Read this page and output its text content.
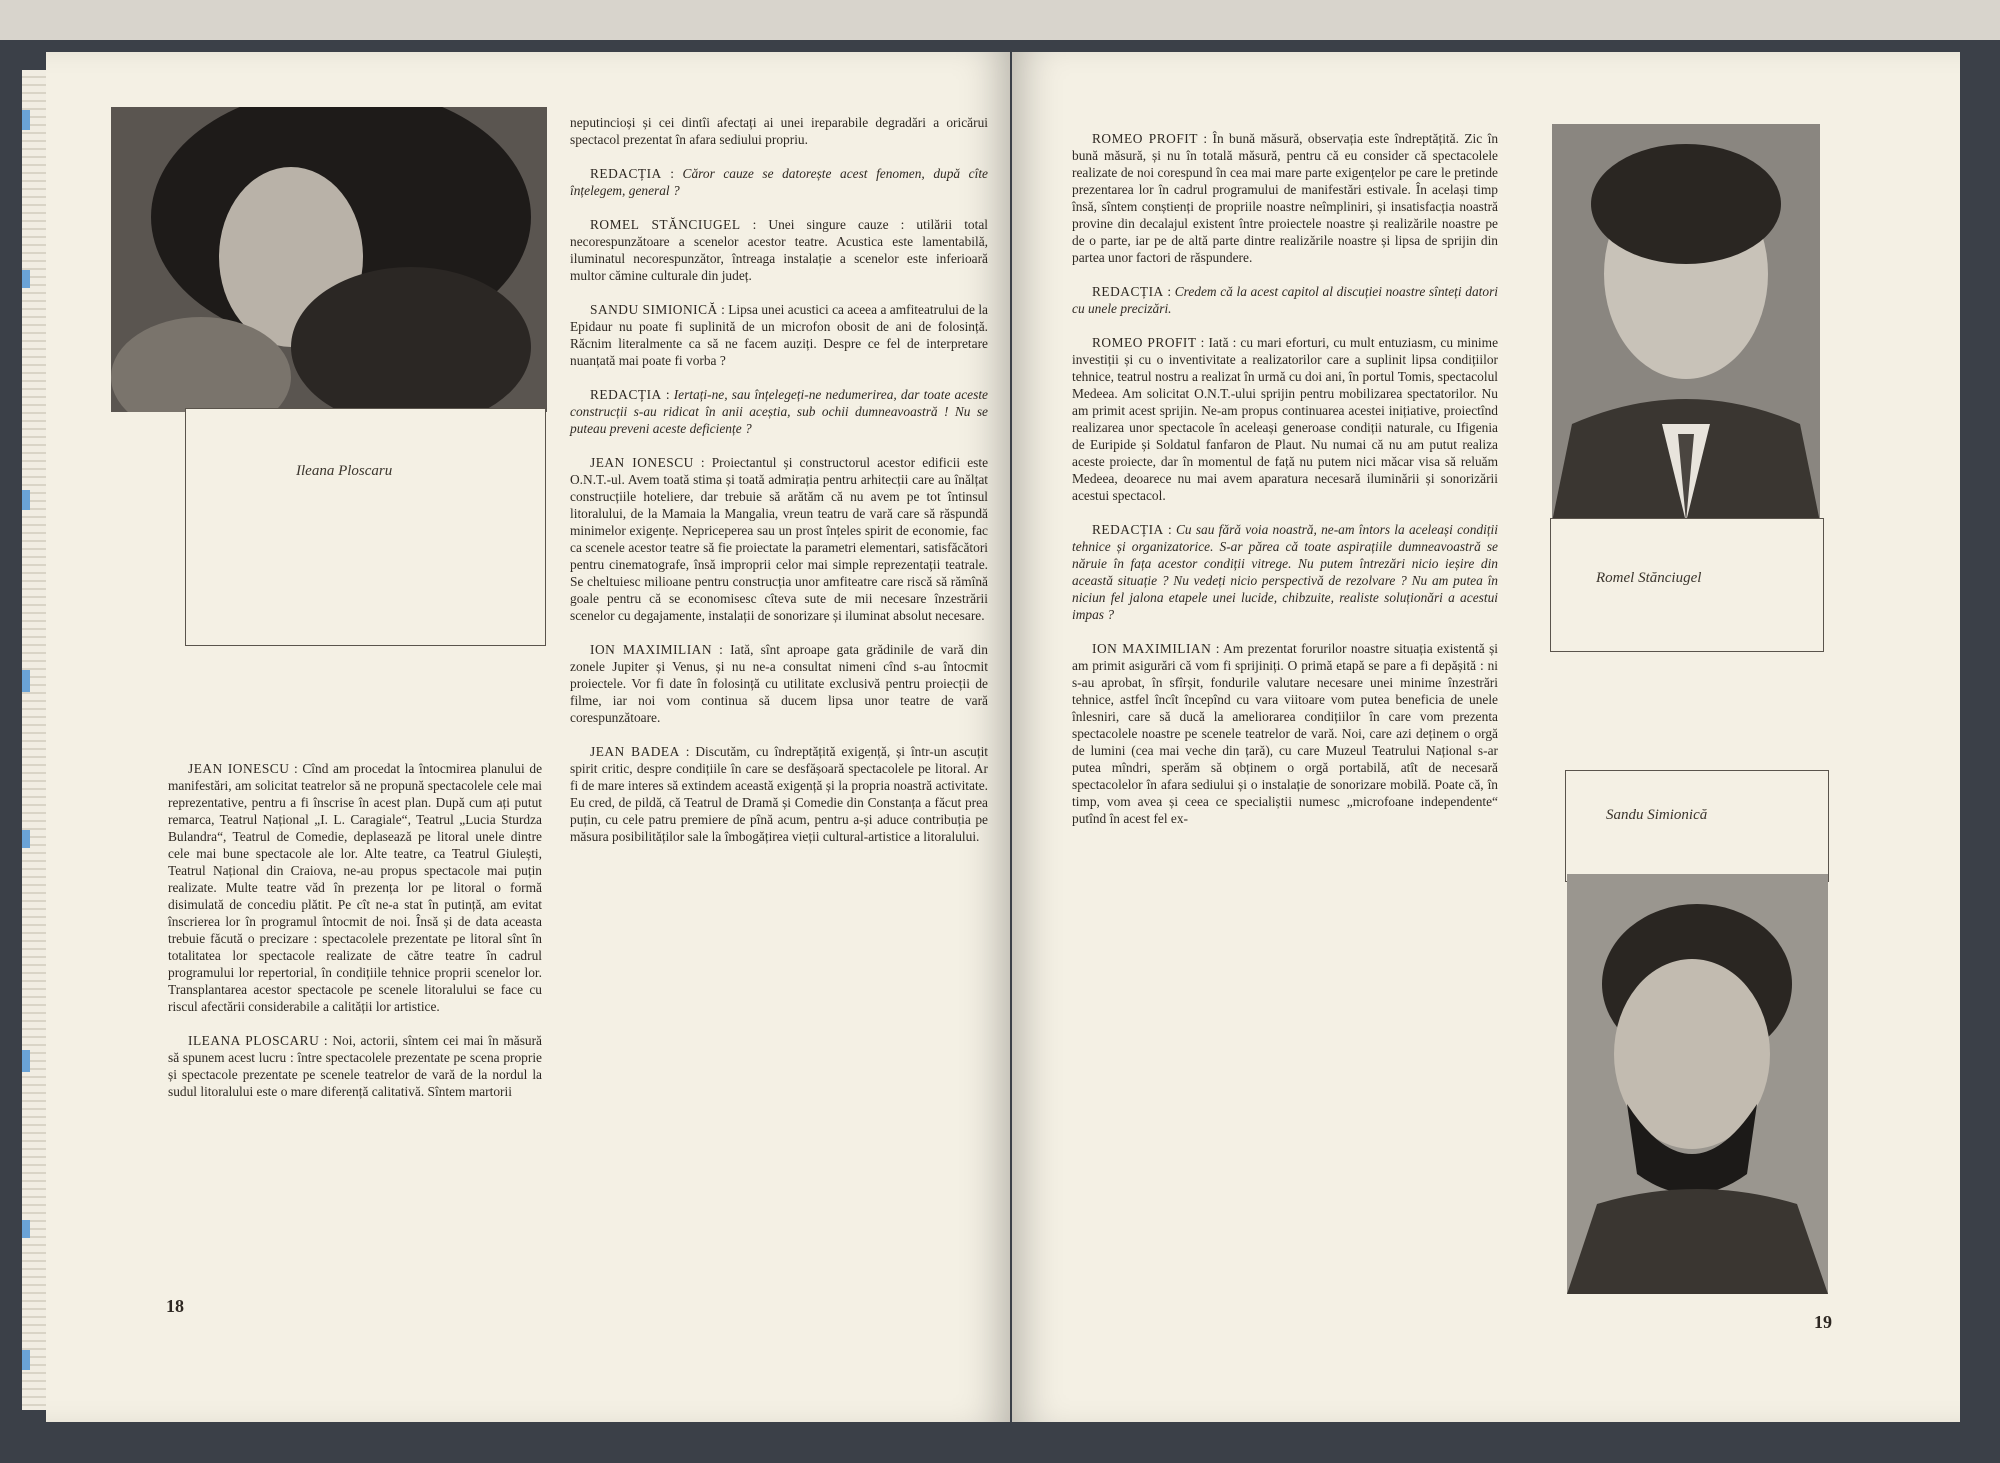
Ileana Ploscaru

JEAN IONESCU : Cînd am procedat la întocmirea planului de manifestări, am solicitat teatrelor să ne propună spectacolele cele mai reprezentative, pentru a fi înscrise în acest plan. După cum ați putut remarca, Teatrul Național „I. L. Caragiale“, Teatrul „Lucia Sturdza Bulandra“, Teatrul de Comedie, deplasează pe litoral unele dintre cele mai bune spectacole ale lor. Alte teatre, ca Teatrul Giulești, Teatrul Național din Craiova, ne-au propus spectacole mai puțin realizate. Multe teatre văd în prezența lor pe litoral o formă disimulată de concediu plătit. Pe cît ne-a stat în putință, am evitat înscrierea lor în programul întocmit de noi. Însă și de data aceasta trebuie făcută o precizare : spectacolele prezentate pe litoral sînt în totalitatea lor spectacole realizate de către teatre în cadrul programului lor repertorial, în condițiile tehnice proprii scenelor lor. Transplantarea acestor spectacole pe scenele litoralului se face cu riscul afectării considerabile a calității lor artistice.

ILEANA PLOSCARU : Noi, actorii, sîntem cei mai în măsură să spunem acest lucru : între spectacolele prezentate pe scena proprie și spectacole prezentate pe scenele teatrelor de vară de la nordul la sudul litoralului este o mare diferență calitativă. Sîntem martorii

neputincioși și cei dintîi afectați ai unei ireparabile degradări a oricărui spectacol prezentat în afara sediului propriu.

REDACȚIA : Căror cauze se datorește acest fenomen, după cîte înțelegem, general ?

ROMEL STĂNCIUGEL : Unei singure cauze : utilării total necorespunzătoare a scenelor acestor teatre. Acustica este lamentabilă, iluminatul necorespunzător, întreaga instalație a scenelor este inferioară multor cămine culturale din județ.

SANDU SIMIONICĂ : Lipsa unei acustici ca aceea a amfiteatrului de la Epidaur nu poate fi suplinită de un microfon obosit de ani de folosință. Răcnim literalmente ca să ne facem auziți. Despre ce fel de interpretare nuanțată mai poate fi vorba ?

REDACȚIA : Iertați-ne, sau înțelegeți-ne nedumerirea, dar toate aceste construcții s-au ridicat în anii aceștia, sub ochii dumneavoastră ! Nu se puteau preveni aceste deficiențe ?

JEAN IONESCU : Proiectantul și constructorul acestor edificii este O.N.T.-ul. Avem toată stima și toată admirația pentru arhitecții care au înălțat construcțiile hoteliere, dar trebuie să arătăm că nu avem pe tot întinsul litoralului, de la Mamaia la Mangalia, vreun teatru de vară care să răspundă minimelor exigențe. Nepriceperea sau un prost înțeles spirit de economie, fac ca scenele acestor teatre să fie proiectate la parametri elementari, satisfăcători pentru cinematografe, însă improprii celor mai simple reprezentații teatrale. Se cheltuiesc milioane pentru construcția unor amfiteatre care riscă să rămînă goale pentru că se economisesc cîteva sute de mii necesare înzestrării scenelor cu degajamente, instalații de sonorizare și iluminat absolut necesare.

ION MAXIMILIAN : Iată, sînt aproape gata grădinile de vară din zonele Jupiter și Venus, și nu ne-a consultat nimeni cînd s-au întocmit proiectele. Vor fi date în folosință cu utilitate exclusivă pentru proiecții de filme, iar noi vom continua să ducem lipsa unor teatre de vară corespunzătoare.

JEAN BADEA : Discutăm, cu îndreptățită exigență, și într-un ascuțit spirit critic, despre condițiile în care se desfășoară spectacolele pe litoral. Ar fi de mare interes să extindem această exigență și la propria noastră activitate. Eu cred, de pildă, că Teatrul de Dramă și Comedie din Constanța a făcut prea puțin, cu cele patru premiere de pînă acum, pentru a-și aduce contribuția pe măsura posibilităților sale la îmbogățirea vieții cultural-artistice a litoralului.

18

ROMEO PROFIT : În bună măsură, observația este îndreptățită. Zic în bună măsură, și nu în totală măsură, pentru că eu consider că spectacolele realizate de noi corespund în cea mai mare parte exigențelor pe care le pretinde prezentarea lor în cadrul programului de manifestări estivale. În același timp însă, sîntem conștienți de propriile noastre neîmpliniri, și insatisfacția noastră provine din decalajul existent între proiectele noastre și realizările noastre pe de o parte, iar pe de altă parte dintre realizările noastre și lipsa de sprijin din partea unor factori de răspundere.

REDACȚIA : Credem că la acest capitol al discuției noastre sînteți datori cu unele precizări.

ROMEO PROFIT : Iată : cu mari eforturi, cu mult entuziasm, cu minime investiții și cu o inventivitate a realizatorilor care a suplinit lipsa condițiilor tehnice, teatrul nostru a realizat în urmă cu doi ani, în portul Tomis, spectacolul Medeea. Am solicitat O.N.T.-ului sprijin pentru mobilizarea spectatorilor. Nu am primit acest sprijin. Ne-am propus continuarea acestei inițiative, proiectînd realizarea unor spectacole în aceleași generoase condiții naturale, cu Ifigenia de Euripide și Soldatul fanfaron de Plaut. Nu numai că nu am putut realiza aceste proiecte, dar în momentul de față nu putem nici măcar visa să reluăm Medeea, deoarece nu mai avem aparatura necesară iluminării și sonorizării acestui spectacol.

REDACȚIA : Cu sau fără voia noastră, ne-am întors la aceleași condiții tehnice și organizatorice. S-ar părea că toate aspirațiile dumneavoastră se năruie în fața acestor condiții vitrege. Nu putem întrezări nicio ieșire din această situație ? Nu vedeți nicio perspectivă de rezolvare ? Nu am putea în niciun fel jalona etapele unei lucide, chibzuite, realiste soluționări a acestui impas ?

ION MAXIMILIAN : Am prezentat forurilor noastre situația existentă și am primit asigurări că vom fi sprijiniți. O primă etapă se pare a fi depășită : ni s-au aprobat, în sfîrșit, fondurile valutare necesare unei minime înzestrări tehnice, astfel încît începînd cu vara viitoare vom putea beneficia de unele înlesniri, care să ducă la ameliorarea condițiilor în care vom prezenta spectacolele noastre pe scenele teatrelor de vară. Noi, care azi deținem o orgă de lumini (cea mai veche din țară), cu care Muzeul Teatrului Național s-ar putea mîndri, sperăm să obținem o orgă portabilă, atît de necesară spectacolelor în afara sediului și o instalație de sonorizare mobilă. Poate că, în timp, vom avea și ceea ce specialiștii numesc „microfoane independente“ putînd în acest fel ex-

Romel Stănciugel
Sandu Simionică
19
